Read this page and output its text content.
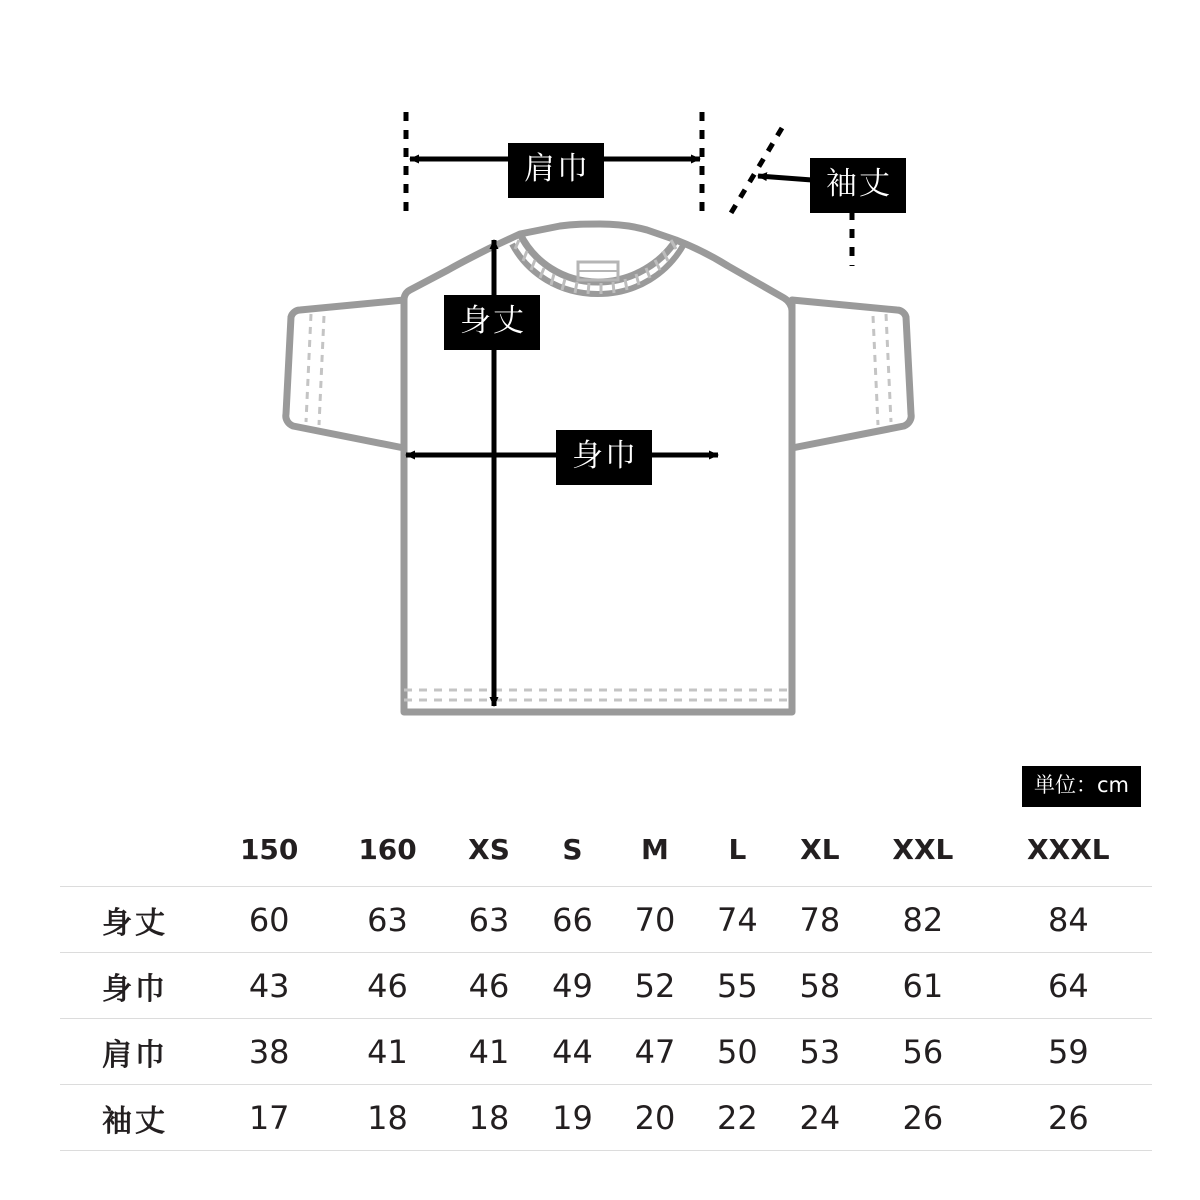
肩巾	袖丈
身丈
身巾
単位：cm
	150	160	XS	S	M	L	XL	XXL	XXXL
身丈	60	63	63	66	70	74	78	82	84
身巾	43	46	46	49	52	55	58	61	64
肩巾	38	41	41	44	47	50	53	56	59
袖丈	17	18	18	19	20	22	24	26	26
